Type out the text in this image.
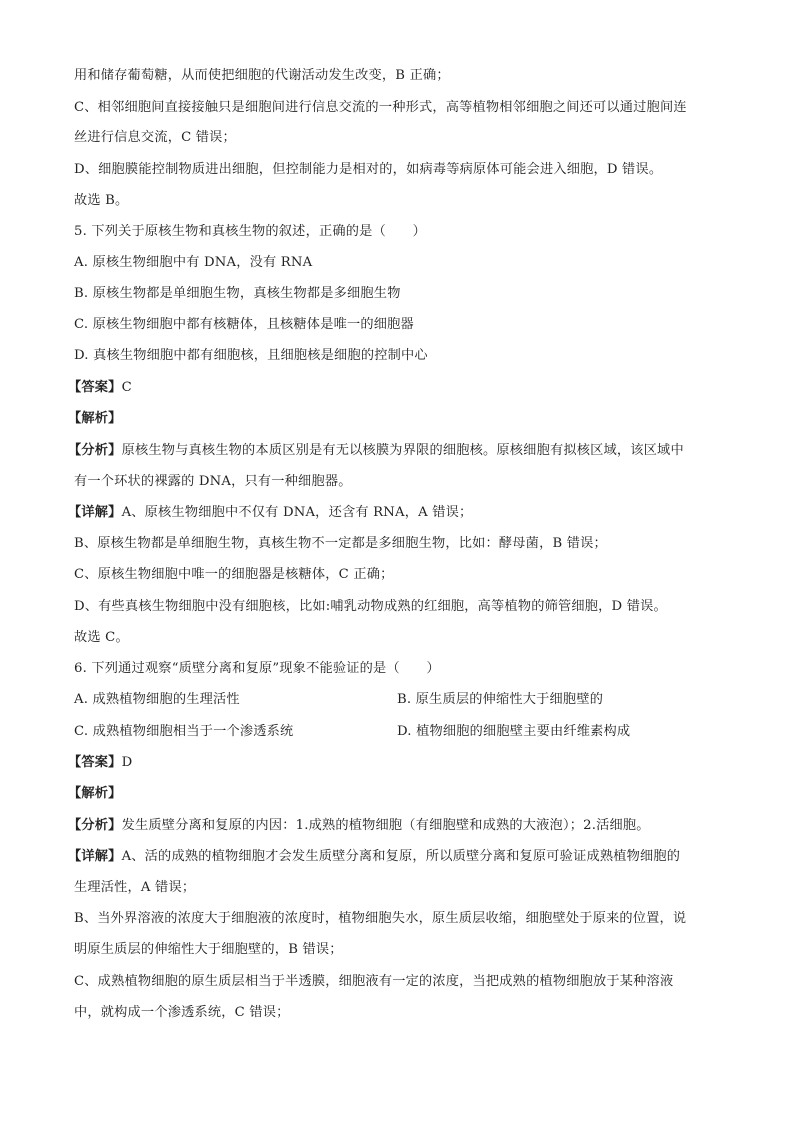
用和储存葡萄糖，从而使把细胞的代谢活动发生改变，B 正确；
C、相邻细胞间直接接触只是细胞间进行信息交流的一种形式，高等植物相邻细胞之间还可以通过胞间连
丝进行信息交流，C 错误；
D、细胞膜能控制物质进出细胞，但控制能力是相对的，如病毒等病原体可能会进入细胞，D 错误。
故选 B。
5. 下列关于原核生物和真核生物的叙述，正确的是（　　）
A. 原核生物细胞中有 DNA，没有 RNA
B. 原核生物都是单细胞生物，真核生物都是多细胞生物
C. 原核生物细胞中都有核糖体，且核糖体是唯一的细胞器
D. 真核生物细胞中都有细胞核，且细胞核是细胞的控制中心
【答案】C
【解析】
【分析】原核生物与真核生物的本质区别是有无以核膜为界限的细胞核。原核细胞有拟核区域，该区域中
有一个环状的裸露的 DNA，只有一种细胞器。
【详解】A、原核生物细胞中不仅有 DNA，还含有 RNA，A 错误；
B、原核生物都是单细胞生物，真核生物不一定都是多细胞生物，比如：酵母菌，B 错误；
C、原核生物细胞中唯一的细胞器是核糖体，C 正确；
D、有些真核生物细胞中没有细胞核，比如:哺乳动物成熟的红细胞，高等植物的筛管细胞，D 错误。
故选 C。
6. 下列通过观察“质壁分离和复原”现象不能验证的是（　　）
A. 成熟植物细胞的生理活性	B. 原生质层的伸缩性大于细胞壁的
C. 成熟植物细胞相当于一个渗透系统	D. 植物细胞的细胞壁主要由纤维素构成
【答案】D
【解析】
【分析】发生质壁分离和复原的内因：1.成熟的植物细胞（有细胞壁和成熟的大液泡）；2.活细胞。
【详解】A、活的成熟的植物细胞才会发生质壁分离和复原，所以质壁分离和复原可验证成熟植物细胞的
生理活性，A 错误；
B、当外界溶液的浓度大于细胞液的浓度时，植物细胞失水，原生质层收缩，细胞壁处于原来的位置，说
明原生质层的伸缩性大于细胞壁的，B 错误；
C、成熟植物细胞的原生质层相当于半透膜，细胞液有一定的浓度，当把成熟的植物细胞放于某种溶液
中，就构成一个渗透系统，C 错误；
